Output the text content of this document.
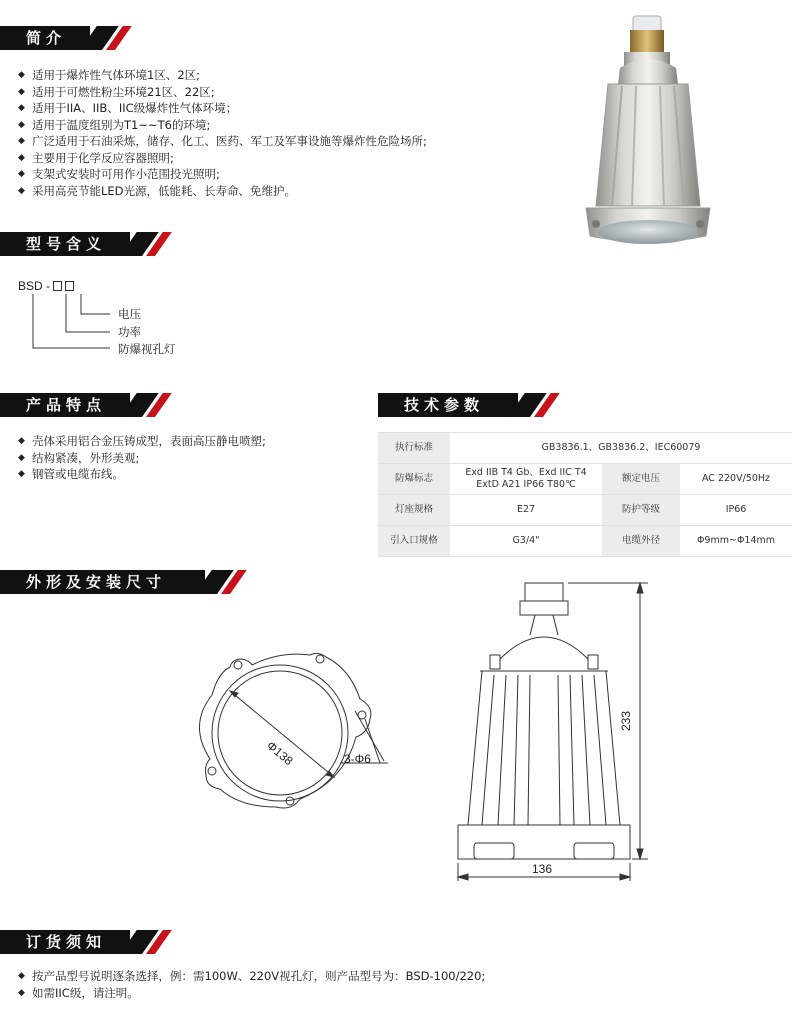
简介
◆ 适用于爆炸性气体环境1区、2区;
◆ 适用于可燃性粉尘环境21区、22区;
◆ 适用于IIA、IIB、IIC级爆炸性气体环境；
◆ 适用于温度组别为T1~~T6的环境;
◆ 广泛适用于石油采炼，储存、化工、医药、军工及军事设施等爆炸性危险场所;
◆ 主要用于化学反应容器照明;
◆ 支架式安装时可用作小范围投光照明;
◆ 采用高亮节能LED光源，低能耗、长寿命、免维护。
型号含义
BSD -
电压
功率
防爆视孔灯
产品特点
◆ 壳体采用铝合金压铸成型，表面高压静电喷塑;
◆ 结构紧凑，外形美观;
◆ 钢管或电缆布线。
技术参数
执行标准	GB3836.1、GB3836.2、IEC60079		
防爆标志	Exd IIB T4 Gb、Exd IIC T4
ExtD A21 IP66 T80℃	额定电压	AC 220V/50Hz
灯座规格	E27	防护等级	IP66
引入口规格	G3/4"	电缆外径	Φ9mm~Φ14mm
外形及安装尺寸
Φ138	3-Φ6
233
136
订货须知
◆ 按产品型号说明逐条选择，例：需100W、220V视孔灯，则产品型号为：BSD-100/220;
◆ 如需IIC级，请注明。
